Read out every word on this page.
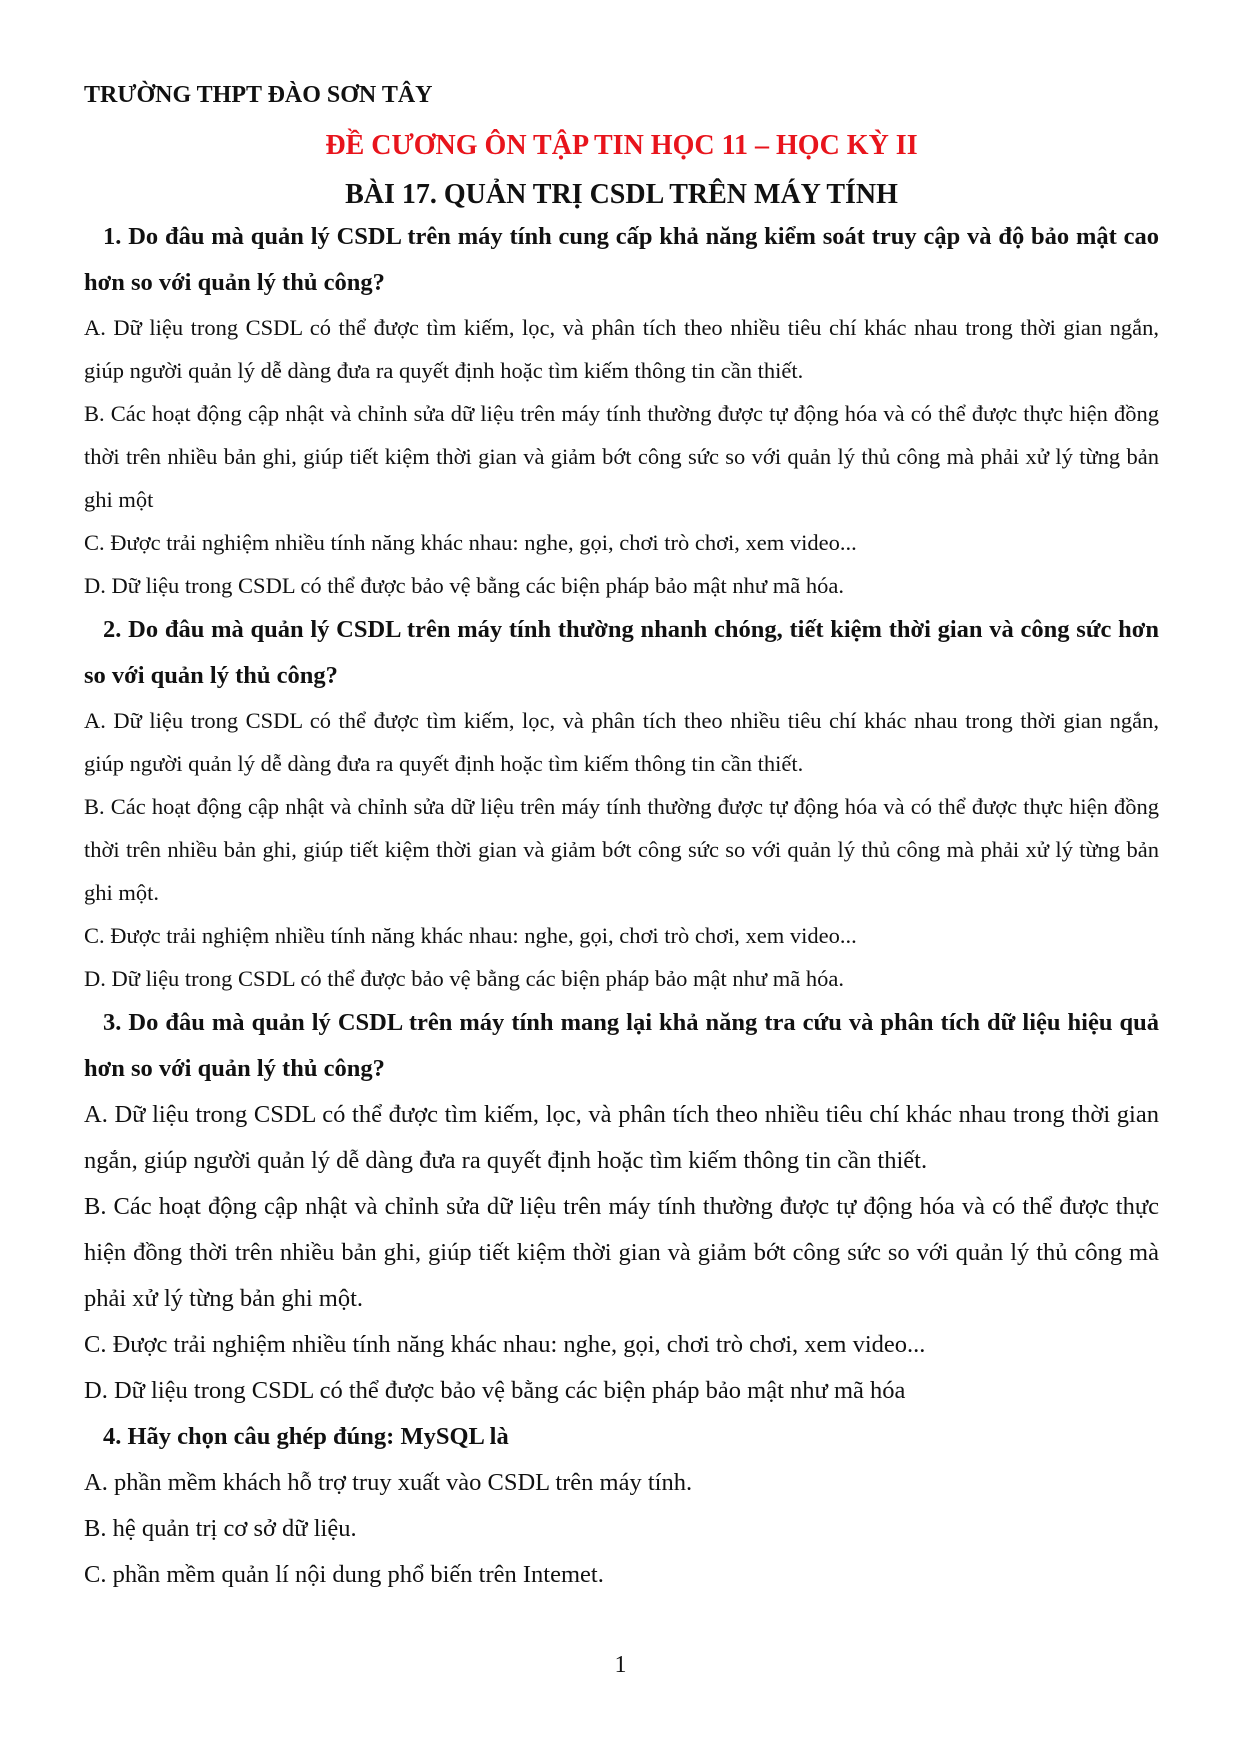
TRƯỜNG THPT ĐÀO SƠN TÂY

ĐỀ CƯƠNG ÔN TẬP TIN HỌC 11 – HỌC KỲ II

BÀI 17. QUẢN TRỊ CSDL TRÊN MÁY TÍNH

1. Do đâu mà quản lý CSDL trên máy tính cung cấp khả năng kiểm soát truy cập và độ bảo mật cao hơn so với quản lý thủ công?

A. Dữ liệu trong CSDL có thể được tìm kiếm, lọc, và phân tích theo nhiều tiêu chí khác nhau trong thời gian ngắn, giúp người quản lý dễ dàng đưa ra quyết định hoặc tìm kiếm thông tin cần thiết.

B. Các hoạt động cập nhật và chỉnh sửa dữ liệu trên máy tính thường được tự động hóa và có thể được thực hiện đồng thời trên nhiều bản ghi, giúp tiết kiệm thời gian và giảm bớt công sức so với quản lý thủ công mà phải xử lý từng bản ghi một

C. Được trải nghiệm nhiều tính năng khác nhau: nghe, gọi, chơi trò chơi, xem video...

D. Dữ liệu trong CSDL có thể được bảo vệ bằng các biện pháp bảo mật như mã hóa.

2. Do đâu mà quản lý CSDL trên máy tính thường nhanh chóng, tiết kiệm thời gian và công sức hơn so với quản lý thủ công?

A. Dữ liệu trong CSDL có thể được tìm kiếm, lọc, và phân tích theo nhiều tiêu chí khác nhau trong thời gian ngắn, giúp người quản lý dễ dàng đưa ra quyết định hoặc tìm kiếm thông tin cần thiết.

B. Các hoạt động cập nhật và chỉnh sửa dữ liệu trên máy tính thường được tự động hóa và có thể được thực hiện đồng thời trên nhiều bản ghi, giúp tiết kiệm thời gian và giảm bớt công sức so với quản lý thủ công mà phải xử lý từng bản ghi một.

C. Được trải nghiệm nhiều tính năng khác nhau: nghe, gọi, chơi trò chơi, xem video...

D. Dữ liệu trong CSDL có thể được bảo vệ bằng các biện pháp bảo mật như mã hóa.

3. Do đâu mà quản lý CSDL trên máy tính mang lại khả năng tra cứu và phân tích dữ liệu hiệu quả hơn so với quản lý thủ công?

A. Dữ liệu trong CSDL có thể được tìm kiếm, lọc, và phân tích theo nhiều tiêu chí khác nhau trong thời gian ngắn, giúp người quản lý dễ dàng đưa ra quyết định hoặc tìm kiếm thông tin cần thiết.

B. Các hoạt động cập nhật và chỉnh sửa dữ liệu trên máy tính thường được tự động hóa và có thể được thực hiện đồng thời trên nhiều bản ghi, giúp tiết kiệm thời gian và giảm bớt công sức so với quản lý thủ công mà phải xử lý từng bản ghi một.

C. Được trải nghiệm nhiều tính năng khác nhau: nghe, gọi, chơi trò chơi, xem video...

D. Dữ liệu trong CSDL có thể được bảo vệ bằng các biện pháp bảo mật như mã hóa

4. Hãy chọn câu ghép đúng: MySQL là

A. phần mềm khách hỗ trợ truy xuất vào CSDL trên máy tính.

B. hệ quản trị cơ sở dữ liệu.

C. phần mềm quản lí nội dung phổ biến trên Intemet.

1
